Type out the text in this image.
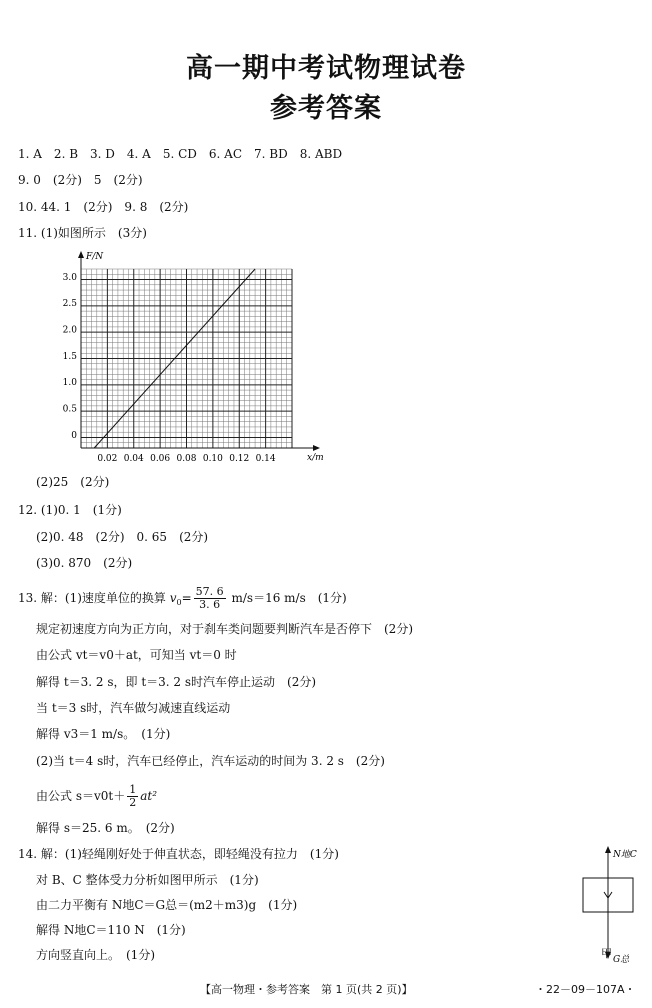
高一期中考试物理试卷
参考答案
1. A　2. B　3. D　4. A　5. CD　6. AC　7. BD　8. ABD
9. 0　(2分)　5　(2分)
10. 44. 1　(2分)　9. 8　(2分)
11. (1)如图所示　(3分)
F/N
x/m
0.02 0.04 0.06 0.08 0.10 0.12 0.14
0
0.5
1.0
1.5
2.0
2.5
3.0
(2)25　(2分)
12. (1)0. 1　(1分)
(2)0. 48　(2分)　0. 65　(2分)
(3)0. 870　(2分)
13. 解：(1)速度单位的换算 $v_0= \frac{57. 6}{3. 6} m/s=16$ m/s　(1分)
规定初速度方向为正方向，对于刹车类问题要判断汽车是否停下　(2分)
由公式 vt＝v0＋at，可知当 vt＝0 时
解得 t＝3. 2 s，即 t＝3. 2 s时汽车停止运动　(2分)
当 t＝3 s时，汽车做匀减速直线运动
解得 v3＝1 m/s。　(1分)
(2)当 t＝4 s时，汽车已经停止，汽车运动的时间为 3. 2 s　(2分)
由公式 $s=v0t+ \frac{1}{2} at^2$
解得 s＝25. 6 m。　(2分)
14. 解：(1)轻绳刚好处于伸直状态，即轻绳没有拉力　(1分)
对 B、C 整体受力分析如图甲所示　(1分)
由二力平衡有 N地C＝G总＝(m2＋m3)g　(1分)
解得 N地C＝110 N　(1分)
方向竖直向上。　(1分)
N地C
G总
甲
【高一物理・参考答案　第 1 页(共 2 页)】	・22－09－107A・
